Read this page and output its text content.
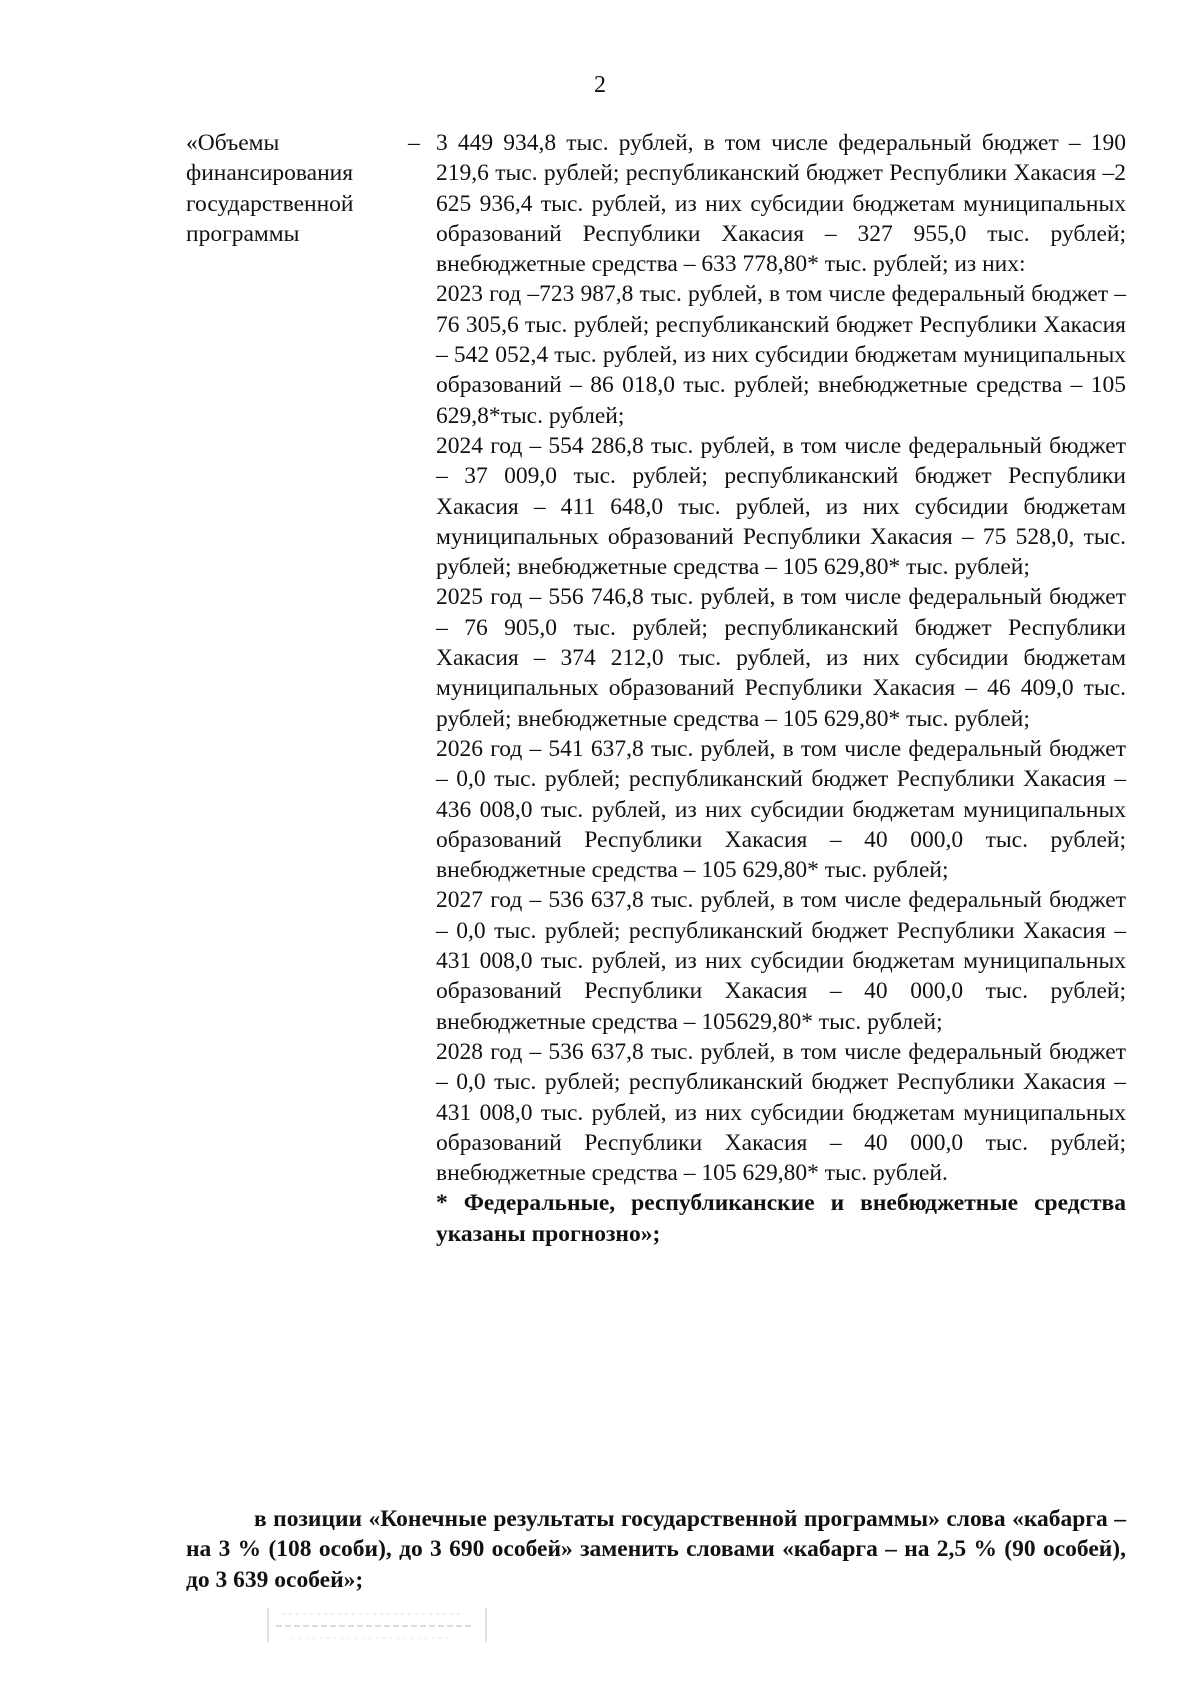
2
«Объемы финансирования государственной программы
– 3 449 934,8 тыс. рублей, в том числе федеральный бюджет – 190 219,6 тыс. рублей; республиканский бюджет Республики Хакасия –2 625 936,4 тыс. рублей, из них субсидии бюджетам муниципальных образований Республики Хакасия – 327 955,0 тыс. рублей; внебюджетные средства – 633 778,80* тыс. рублей; из них:

2023 год –723 987,8 тыс. рублей, в том числе федеральный бюджет – 76 305,6 тыс. рублей; республиканский бюджет Республики Хакасия – 542 052,4 тыс. рублей, из них субсидии бюджетам муниципальных образований – 86 018,0 тыс. рублей; внебюджетные средства – 105 629,8*тыс. рублей;

2024 год – 554 286,8 тыс. рублей, в том числе федеральный бюджет – 37 009,0 тыс. рублей; республиканский бюджет Республики Хакасия – 411 648,0 тыс. рублей, из них субсидии бюджетам муниципальных образований Республики Хакасия – 75 528,0, тыс. рублей; внебюджетные средства – 105 629,80* тыс. рублей;

2025 год – 556 746,8 тыс. рублей, в том числе федеральный бюджет – 76 905,0 тыс. рублей; республиканский бюджет Республики Хакасия – 374 212,0 тыс. рублей, из них субсидии бюджетам муниципальных образований Республики Хакасия – 46 409,0 тыс. рублей; внебюджетные средства – 105 629,80* тыс. рублей;

2026 год – 541 637,8 тыс. рублей, в том числе федеральный бюджет – 0,0 тыс. рублей; республиканский бюджет Республики Хакасия – 436 008,0 тыс. рублей, из них субсидии бюджетам муниципальных образований Республики Хакасия – 40 000,0 тыс. рублей; внебюджетные средства – 105 629,80* тыс. рублей;

2027 год – 536 637,8 тыс. рублей, в том числе федеральный бюджет – 0,0 тыс. рублей; республиканский бюджет Республики Хакасия – 431 008,0 тыс. рублей, из них субсидии бюджетам муниципальных образований Республики Хакасия – 40 000,0 тыс. рублей; внебюджетные средства – 105629,80* тыс. рублей;

2028 год – 536 637,8 тыс. рублей, в том числе федеральный бюджет – 0,0 тыс. рублей; республиканский бюджет Республики Хакасия – 431 008,0 тыс. рублей, из них субсидии бюджетам муниципальных образований Республики Хакасия – 40 000,0 тыс. рублей; внебюджетные средства – 105 629,80* тыс. рублей.

* Федеральные, республиканские и внебюджетные средства указаны прогнозно»;

в позиции «Конечные результаты государственной программы» слова «кабарга – на 3 % (108 особи), до 3 690 особей» заменить словами «кабарга – на 2,5 % (90 особей), до 3 639 особей»;
